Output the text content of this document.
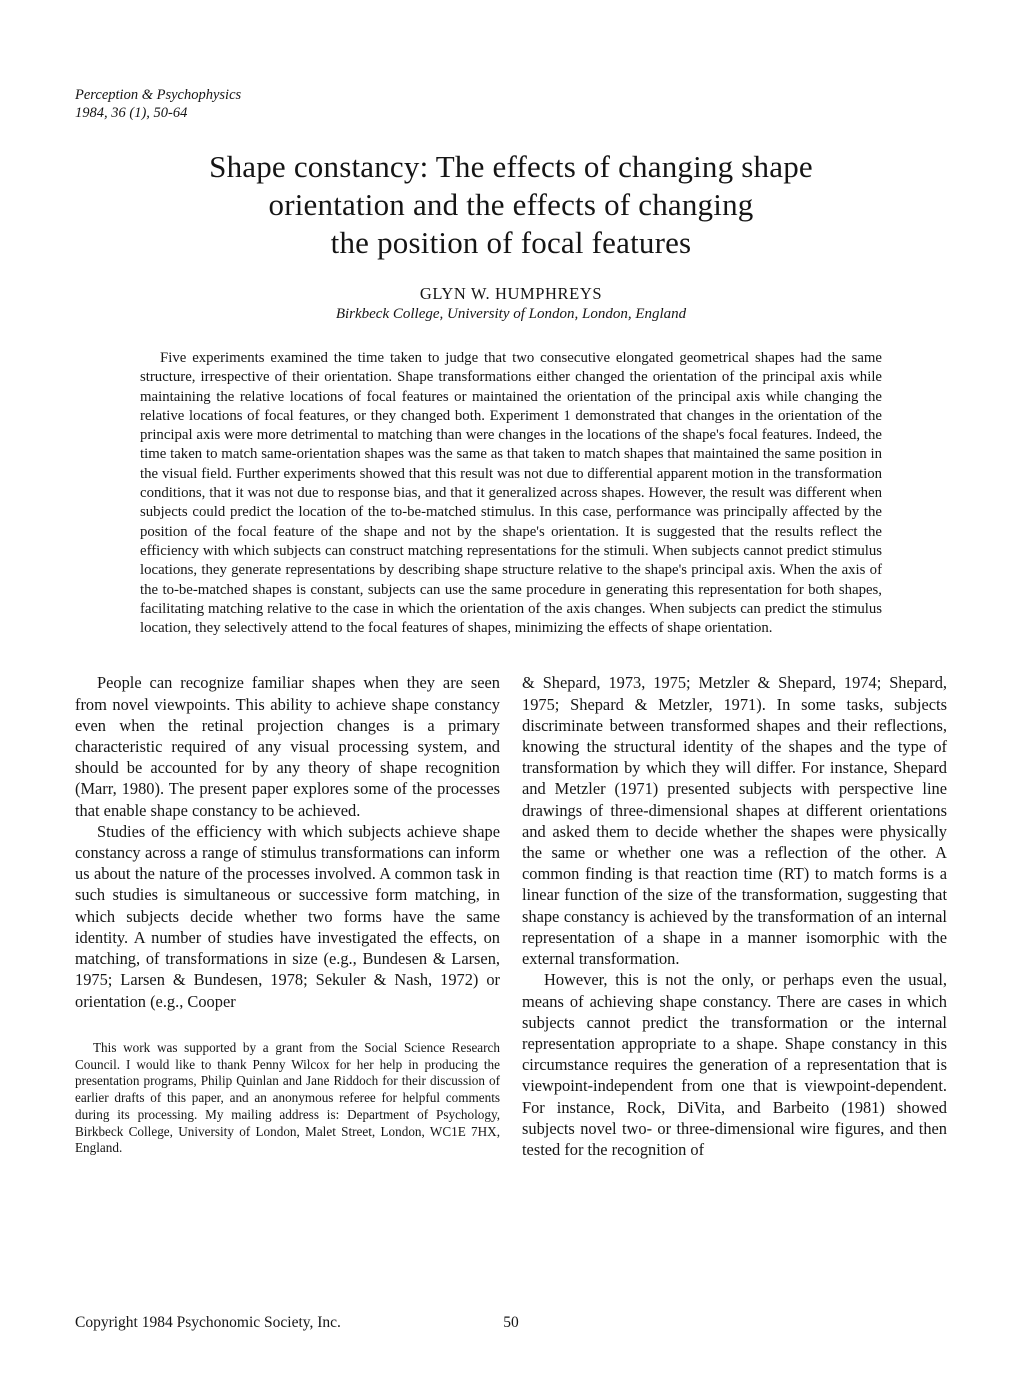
Perception & Psychophysics
1984, 36 (1), 50-64
Shape constancy: The effects of changing shape
orientation and the effects of changing
the position of focal features
GLYN W. HUMPHREYS
Birkbeck College, University of London, London, England

Five experiments examined the time taken to judge that two consecutive elongated geometrical shapes had the same structure, irrespective of their orientation. Shape transformations either changed the orientation of the principal axis while maintaining the relative locations of focal features or maintained the orientation of the principal axis while changing the relative locations of focal features, or they changed both. Experiment 1 demonstrated that changes in the orientation of the principal axis were more detrimental to matching than were changes in the locations of the shape's focal features. Indeed, the time taken to match same-orientation shapes was the same as that taken to match shapes that maintained the same position in the visual field. Further experiments showed that this result was not due to differential apparent motion in the transformation conditions, that it was not due to response bias, and that it generalized across shapes. However, the result was different when subjects could predict the location of the to-be-matched stimulus. In this case, performance was principally affected by the position of the focal feature of the shape and not by the shape's orientation. It is suggested that the results reflect the efficiency with which subjects can construct matching representations for the stimuli. When subjects cannot predict stimulus locations, they generate representations by describing shape structure relative to the shape's principal axis. When the axis of the to-be-matched shapes is constant, subjects can use the same procedure in generating this representation for both shapes, facilitating matching relative to the case in which the orientation of the axis changes. When subjects can predict the stimulus location, they selectively attend to the focal features of shapes, minimizing the effects of shape orientation.

People can recognize familiar shapes when they are seen from novel viewpoints. This ability to achieve shape constancy even when the retinal projection changes is a primary characteristic required of any visual processing system, and should be accounted for by any theory of shape recognition (Marr, 1980). The present paper explores some of the processes that enable shape constancy to be achieved.

Studies of the efficiency with which subjects achieve shape constancy across a range of stimulus transformations can inform us about the nature of the processes involved. A common task in such studies is simultaneous or successive form matching, in which subjects decide whether two forms have the same identity. A number of studies have investigated the effects, on matching, of transformations in size (e.g., Bundesen & Larsen, 1975; Larsen & Bundesen, 1978; Sekuler & Nash, 1972) or orientation (e.g., Cooper

This work was supported by a grant from the Social Science Research Council. I would like to thank Penny Wilcox for her help in producing the presentation programs, Philip Quinlan and Jane Riddoch for their discussion of earlier drafts of this paper, and an anonymous referee for helpful comments during its processing. My mailing address is: Department of Psychology, Birkbeck College, University of London, Malet Street, London, WC1E 7HX, England.

& Shepard, 1973, 1975; Metzler & Shepard, 1974; Shepard, 1975; Shepard & Metzler, 1971). In some tasks, subjects discriminate between transformed shapes and their reflections, knowing the structural identity of the shapes and the type of transformation by which they will differ. For instance, Shepard and Metzler (1971) presented subjects with perspective line drawings of three-dimensional shapes at different orientations and asked them to decide whether the shapes were physically the same or whether one was a reflection of the other. A common finding is that reaction time (RT) to match forms is a linear function of the size of the transformation, suggesting that shape constancy is achieved by the transformation of an internal representation of a shape in a manner isomorphic with the external transformation.

However, this is not the only, or perhaps even the usual, means of achieving shape constancy. There are cases in which subjects cannot predict the transformation or the internal representation appropriate to a shape. Shape constancy in this circumstance requires the generation of a representation that is viewpoint-independent from one that is viewpoint-dependent. For instance, Rock, DiVita, and Barbeito (1981) showed subjects novel two- or three-dimensional wire figures, and then tested for the recognition of

Copyright 1984 Psychonomic Society, Inc.	50
